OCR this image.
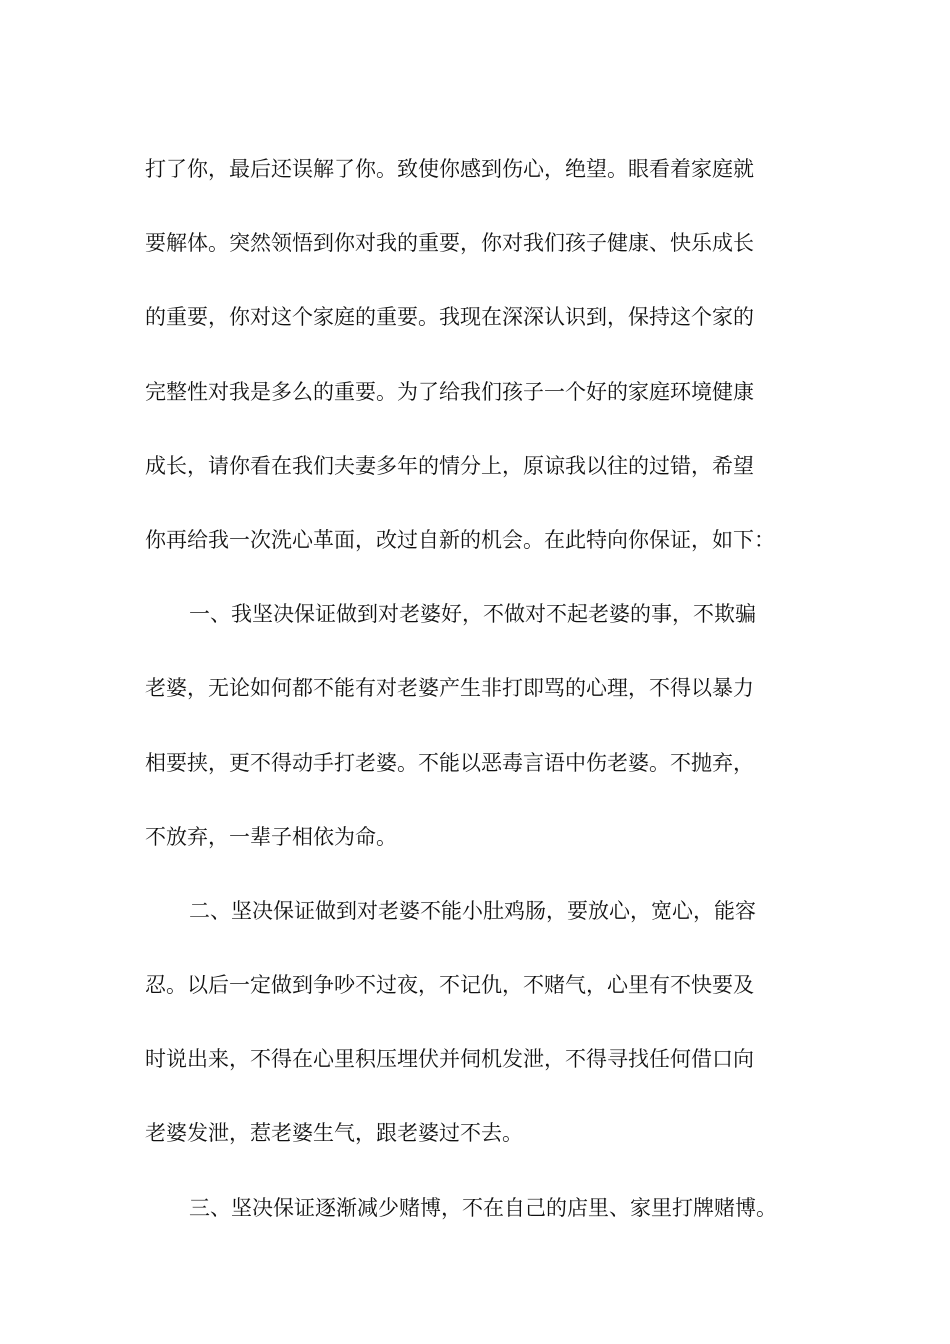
打了你，最后还误解了你。致使你感到伤心，绝望。眼看着家庭就
要解体。突然领悟到你对我的重要，你对我们孩子健康、快乐成长
的重要，你对这个家庭的重要。我现在深深认识到，保持这个家的
完整性对我是多么的重要。为了给我们孩子一个好的家庭环境健康
成长，请你看在我们夫妻多年的情分上，原谅我以往的过错，希望
你再给我一次洗心革面，改过自新的机会。在此特向你保证，如下：
一、我坚决保证做到对老婆好，不做对不起老婆的事，不欺骗
老婆，无论如何都不能有对老婆产生非打即骂的心理，不得以暴力
相要挟，更不得动手打老婆。不能以恶毒言语中伤老婆。不抛弃，
不放弃，一辈子相依为命。
二、坚决保证做到对老婆不能小肚鸡肠，要放心，宽心，能容
忍。以后一定做到争吵不过夜，不记仇，不赌气，心里有不快要及
时说出来，不得在心里积压埋伏并伺机发泄，不得寻找任何借口向
老婆发泄，惹老婆生气，跟老婆过不去。
三、坚决保证逐渐减少赌博，不在自己的店里、家里打牌赌博。
